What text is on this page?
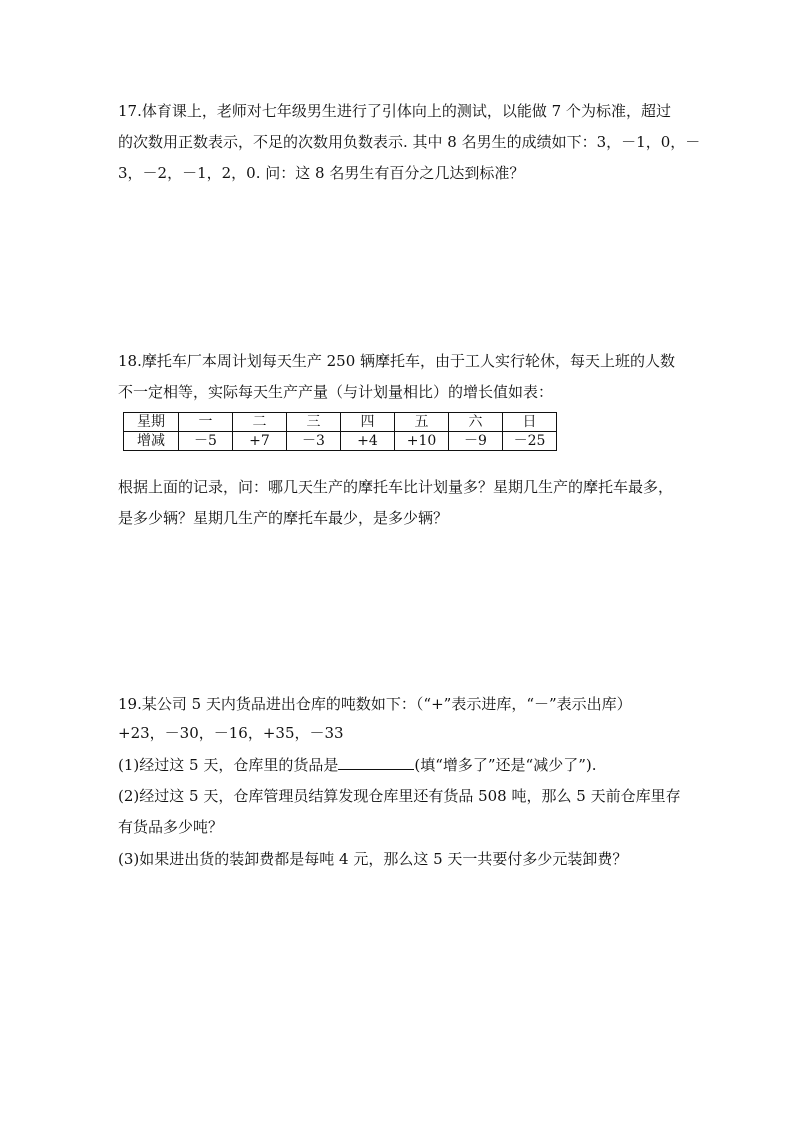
17.体育课上，老师对七年级男生进行了引体向上的测试，以能做 7 个为标准，超过
的次数用正数表示，不足的次数用负数表示. 其中 8 名男生的成绩如下：3，－1，0，－
3，－2，－1，2，0. 问：这 8 名男生有百分之几达到标准？
18.摩托车厂本周计划每天生产 250 辆摩托车，由于工人实行轮休，每天上班的人数
不一定相等，实际每天生产产量（与计划量相比）的增长值如表：
星期	一	二	三	四	五	六	日
增减	－5	+7	－3	+4	+10	－9	－25
根据上面的记录，问：哪几天生产的摩托车比计划量多？星期几生产的摩托车最多，
是多少辆？星期几生产的摩托车最少，是多少辆？
19.某公司 5 天内货品进出仓库的吨数如下：（“+”表示进库，“－”表示出库）
+23，－30，－16，+35，－33
(1)经过这 5 天，仓库里的货品是	(填“增多了”还是“减少了”).
(2)经过这 5 天，仓库管理员结算发现仓库里还有货品 508 吨，那么 5 天前仓库里存
有货品多少吨？
(3)如果进出货的装卸费都是每吨 4 元，那么这 5 天一共要付多少元装卸费？
